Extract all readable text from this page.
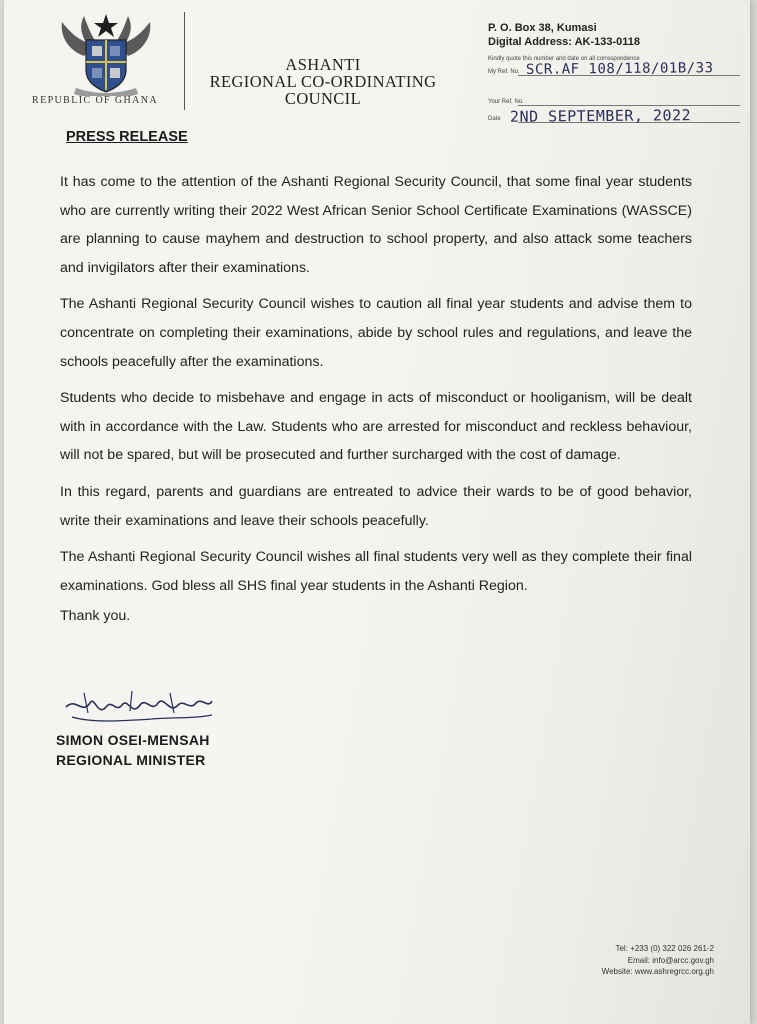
REPUBLIC OF GHANA
ASHANTI
REGIONAL CO-ORDINATING
COUNCIL
P. O. Box 38, Kumasi
Digital Address: AK-133-0118
Kindly quote this number and date on all correspondence
My Ref. No. SCR.AF 108/118/01B/33
Your Ref. No.
Date 2ND SEPTEMBER, 2022
PRESS RELEASE

It has come to the attention of the Ashanti Regional Security Council, that some final year students who are currently writing their 2022 West African Senior School Certificate Examinations (WASSCE) are planning to cause mayhem and destruction to school property, and also attack some teachers and invigilators after their examinations.

The Ashanti Regional Security Council wishes to caution all final year students and advise them to concentrate on completing their examinations, abide by school rules and regulations, and leave the schools peacefully after the examinations.

Students who decide to misbehave and engage in acts of misconduct or hooliganism, will be dealt with in accordance with the Law. Students who are arrested for misconduct and reckless behaviour, will not be spared, but will be prosecuted and further surcharged with the cost of damage.

In this regard, parents and guardians are entreated to advice their wards to be of good behavior, write their examinations and leave their schools peacefully.

The Ashanti Regional Security Council wishes all final students very well as they complete their final examinations. God bless all SHS final year students in the Ashanti Region.

Thank you.

SIMON OSEI-MENSAH
REGIONAL MINISTER
Tel: +233 (0) 322 026 261-2
Email: info@arcc.gov.gh
Website: www.ashregrcc.org.gh
